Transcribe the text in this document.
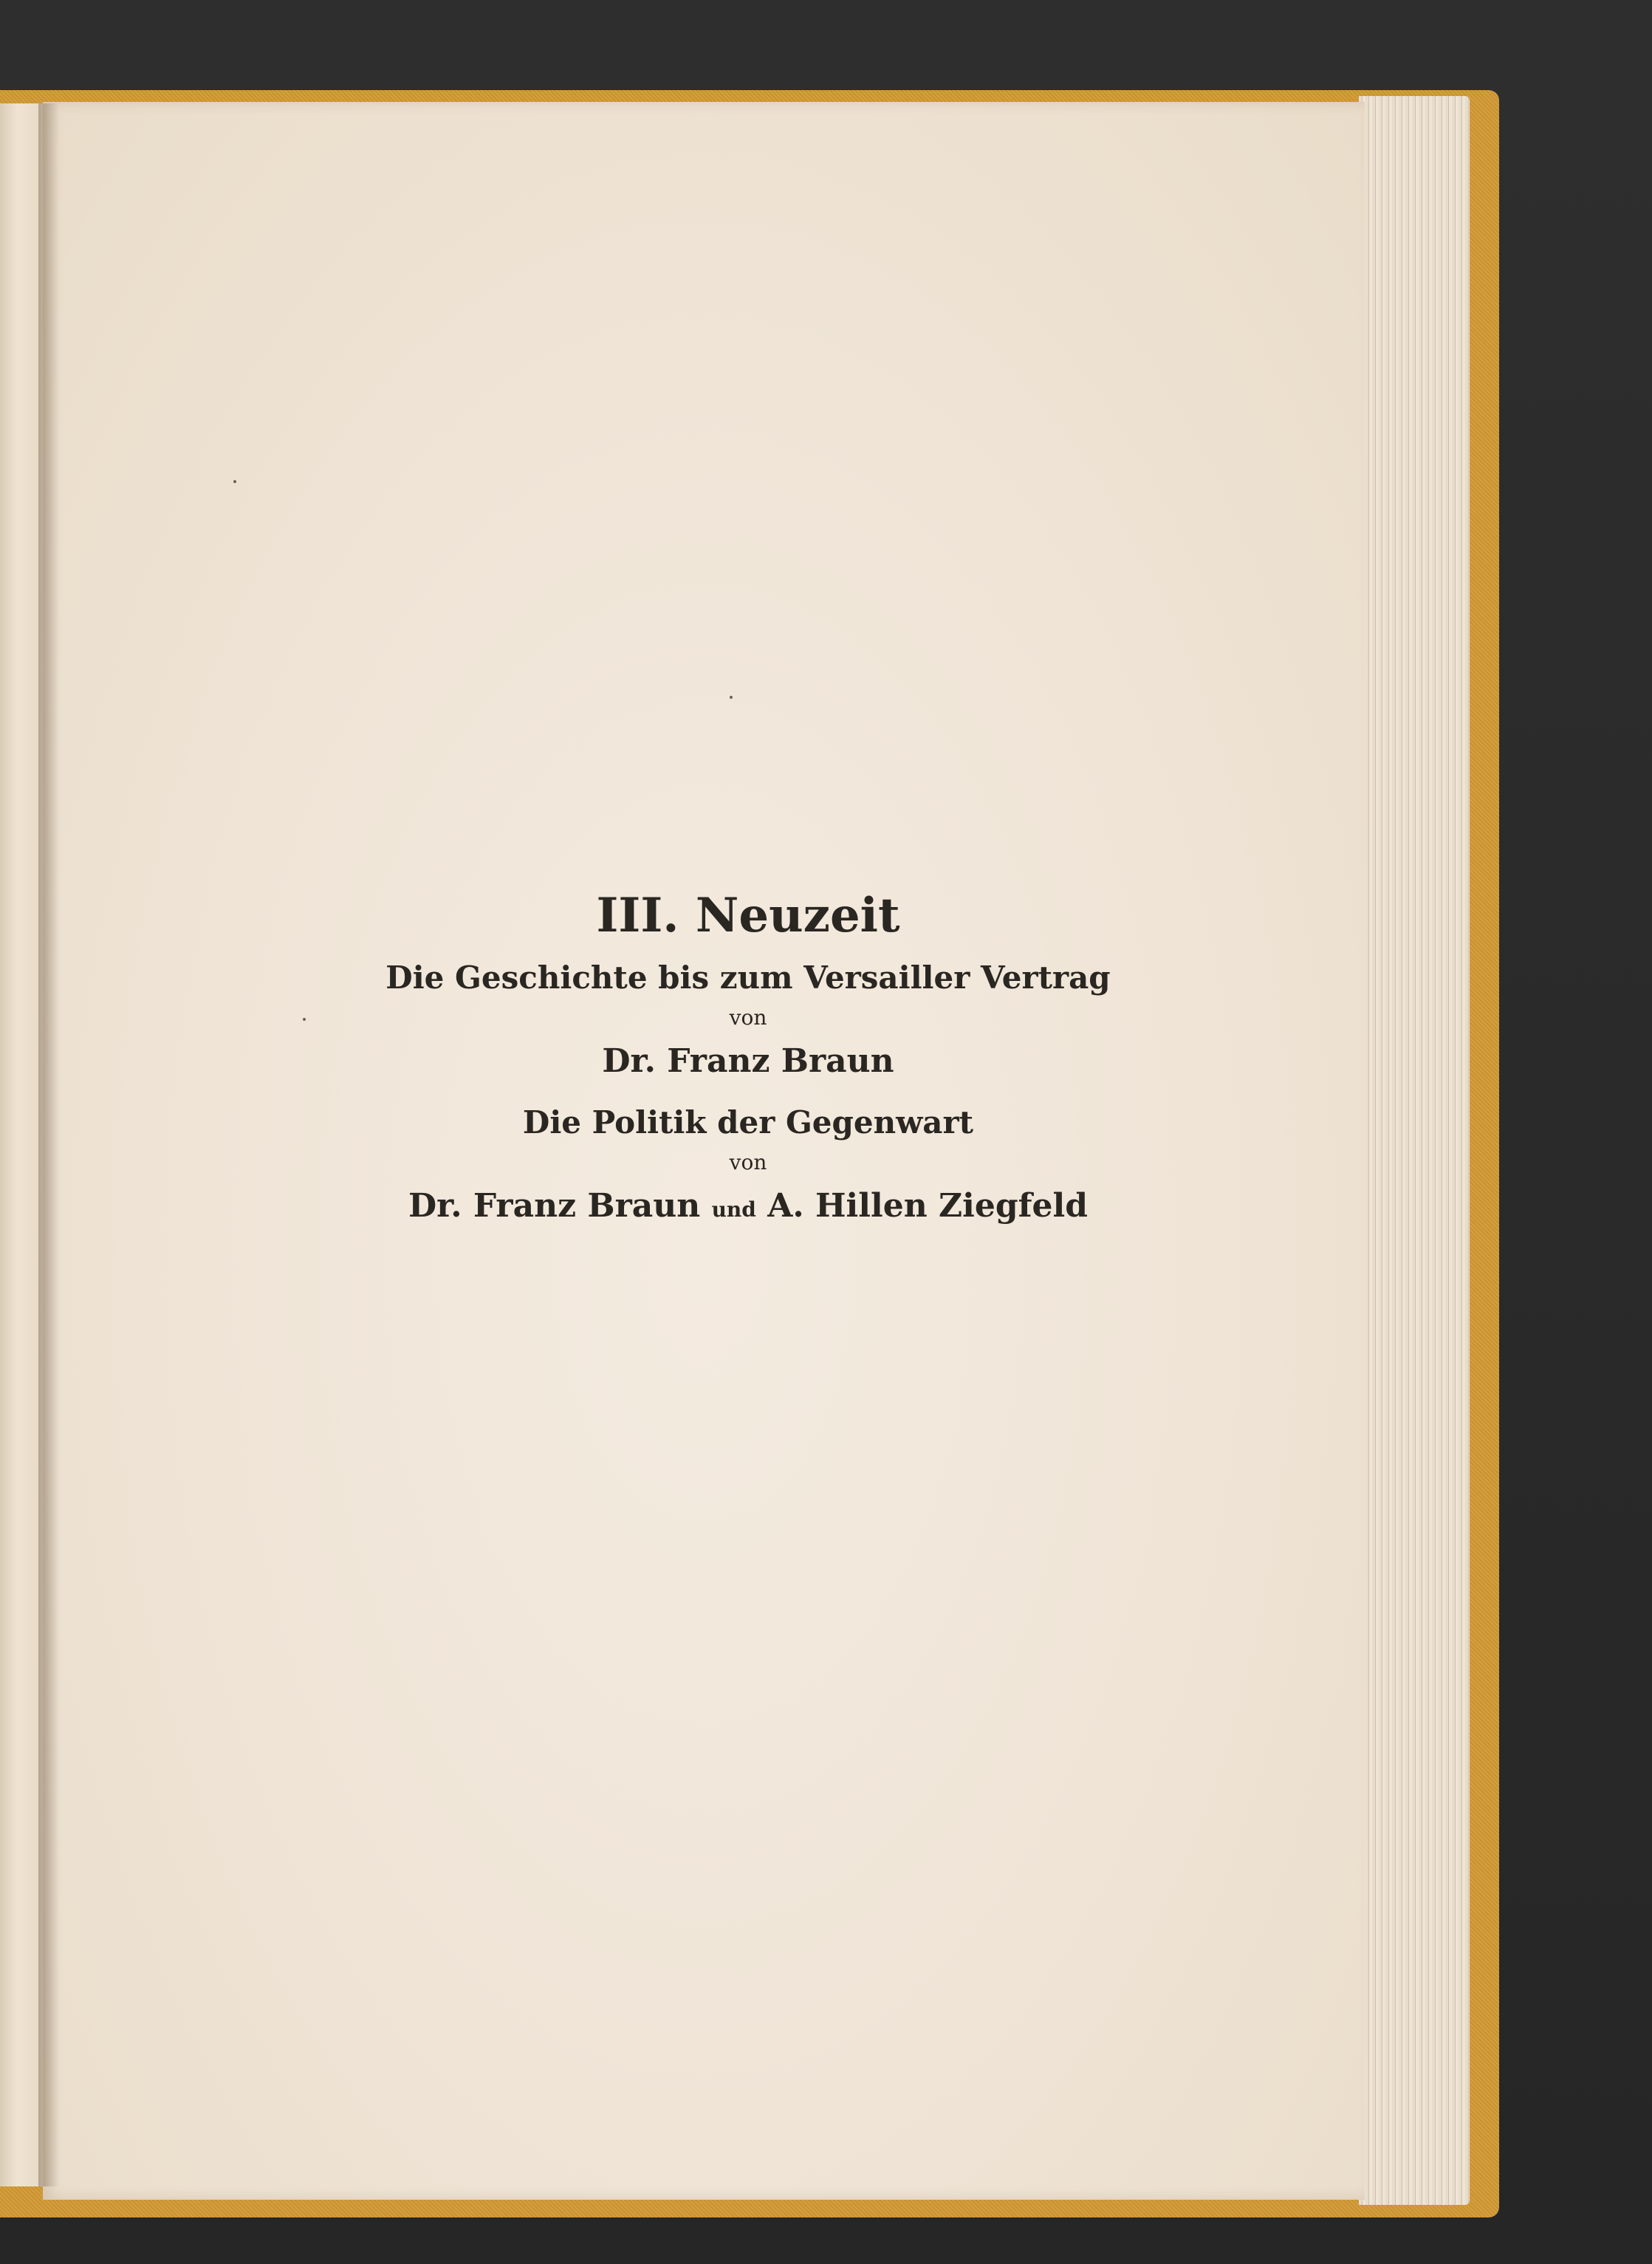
III. Neuzeit
Die Geschichte bis zum Versailler Vertrag
von
Dr. Franz Braun
Die Politik der Gegenwart
von
Dr. Franz Braun und A. Hillen Ziegfeld
